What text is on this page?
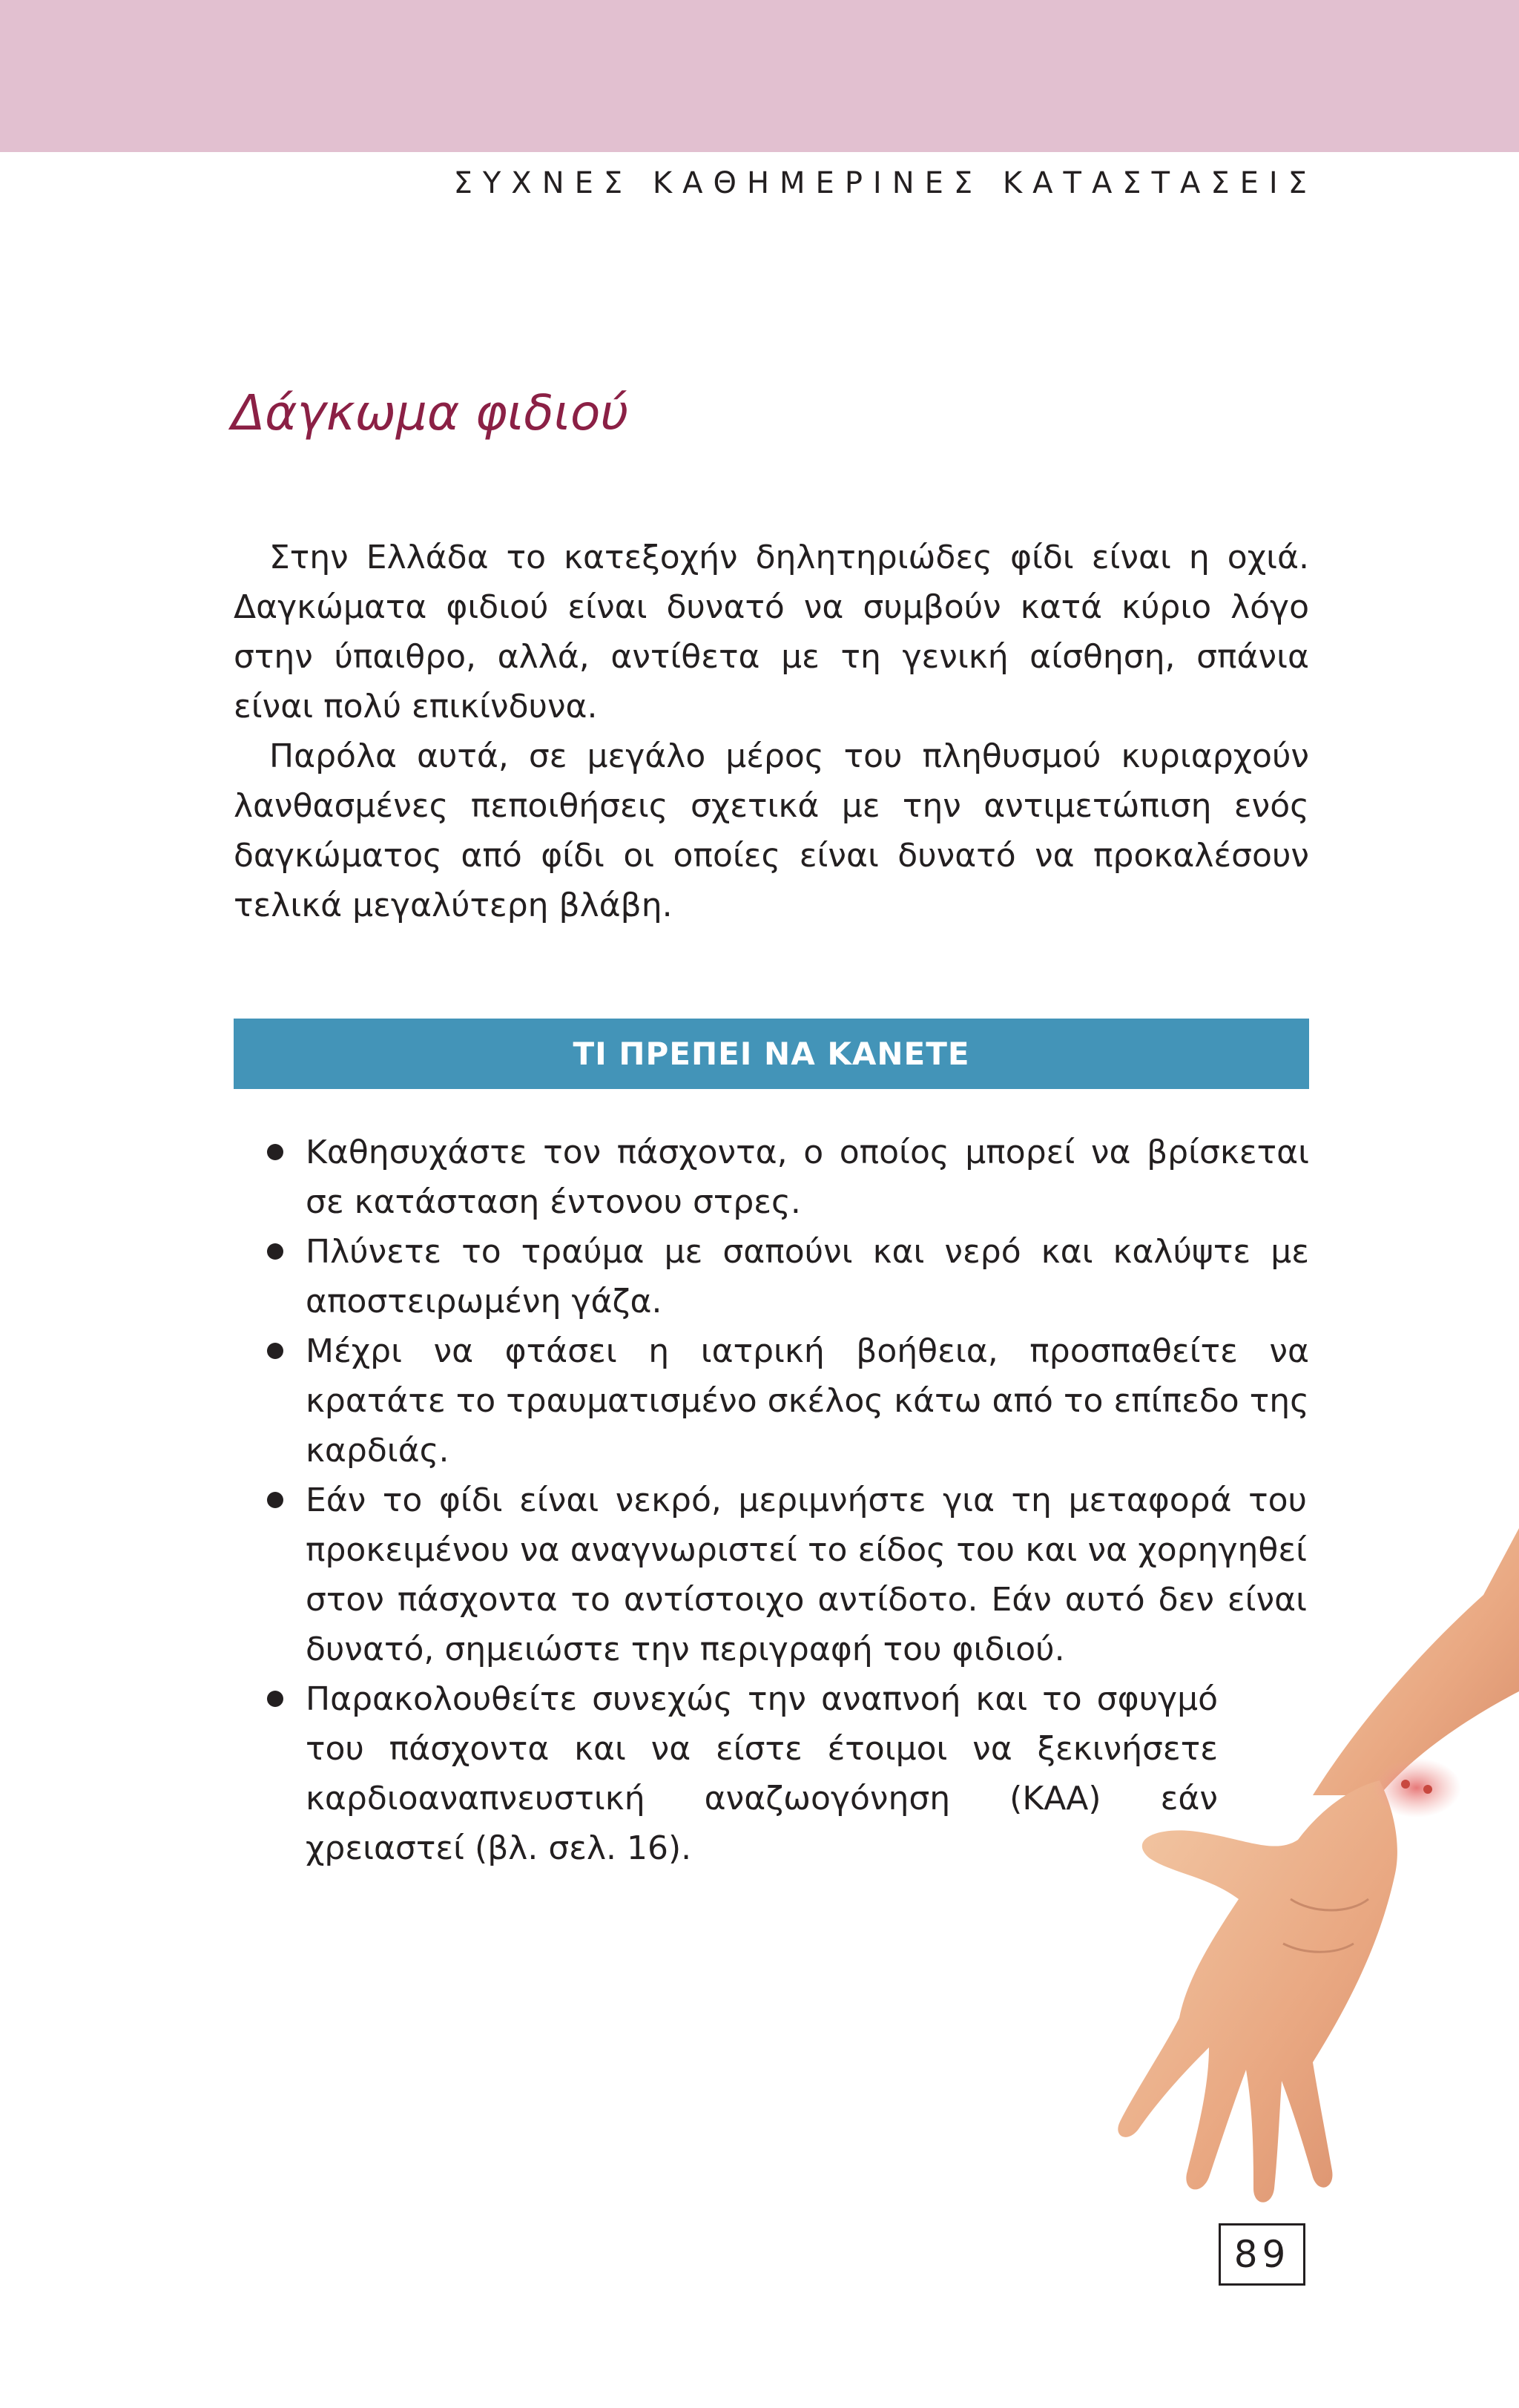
ΣΥΧΝΕΣ ΚΑΘΗΜΕΡΙΝΕΣ ΚΑΤΑΣΤΑΣΕΙΣ
Δάγκωμα φιδιού

Στην Ελλάδα το κατεξοχήν δηλητηριώδες φίδι είναι η οχιά. Δαγκώματα φιδιού είναι δυνατό να συμβούν κατά κύριο λόγο στην ύπαιθρο, αλλά, αντίθετα με τη γενική αίσθηση, σπάνια είναι πολύ επικίνδυνα.

Παρόλα αυτά, σε μεγάλο μέρος του πληθυσμού κυριαρχούν λανθασμένες πεποιθήσεις σχετικά με την αντιμετώπιση ενός δαγκώματος από φίδι οι οποίες είναι δυνατό να προκαλέσουν τελικά μεγαλύτερη βλάβη.

ΤΙ ΠΡΕΠΕΙ ΝΑ ΚΑΝΕΤΕ
Καθησυχάστε τον πάσχοντα, ο οποίος μπορεί να βρίσκεται σε κατάσταση έντονου στρες.
Πλύνετε το τραύμα με σαπούνι και νερό και καλύψτε με αποστειρωμένη γάζα.
Μέχρι να φτάσει η ιατρική βοήθεια, προσπαθείτε να κρατάτε το τραυματισμένο σκέλος κάτω από το επίπεδο της καρδιάς.
Εάν το φίδι είναι νεκρό, μεριμνήστε για τη μεταφορά του προκειμένου να αναγνωριστεί το είδος του και να χορηγηθεί στον πάσχοντα το αντίστοιχο αντίδοτο. Εάν αυτό δεν είναι δυνατό, σημειώστε την περιγραφή του φιδιού.
Παρακολουθείτε συνεχώς την αναπνοή και το σφυγμό του πάσχοντα και να είστε έτοιμοι να ξεκινήσετε καρδιοαναπνευστική αναζωογόνηση (ΚΑΑ) εάν χρειαστεί (βλ. σελ. 16).
89
